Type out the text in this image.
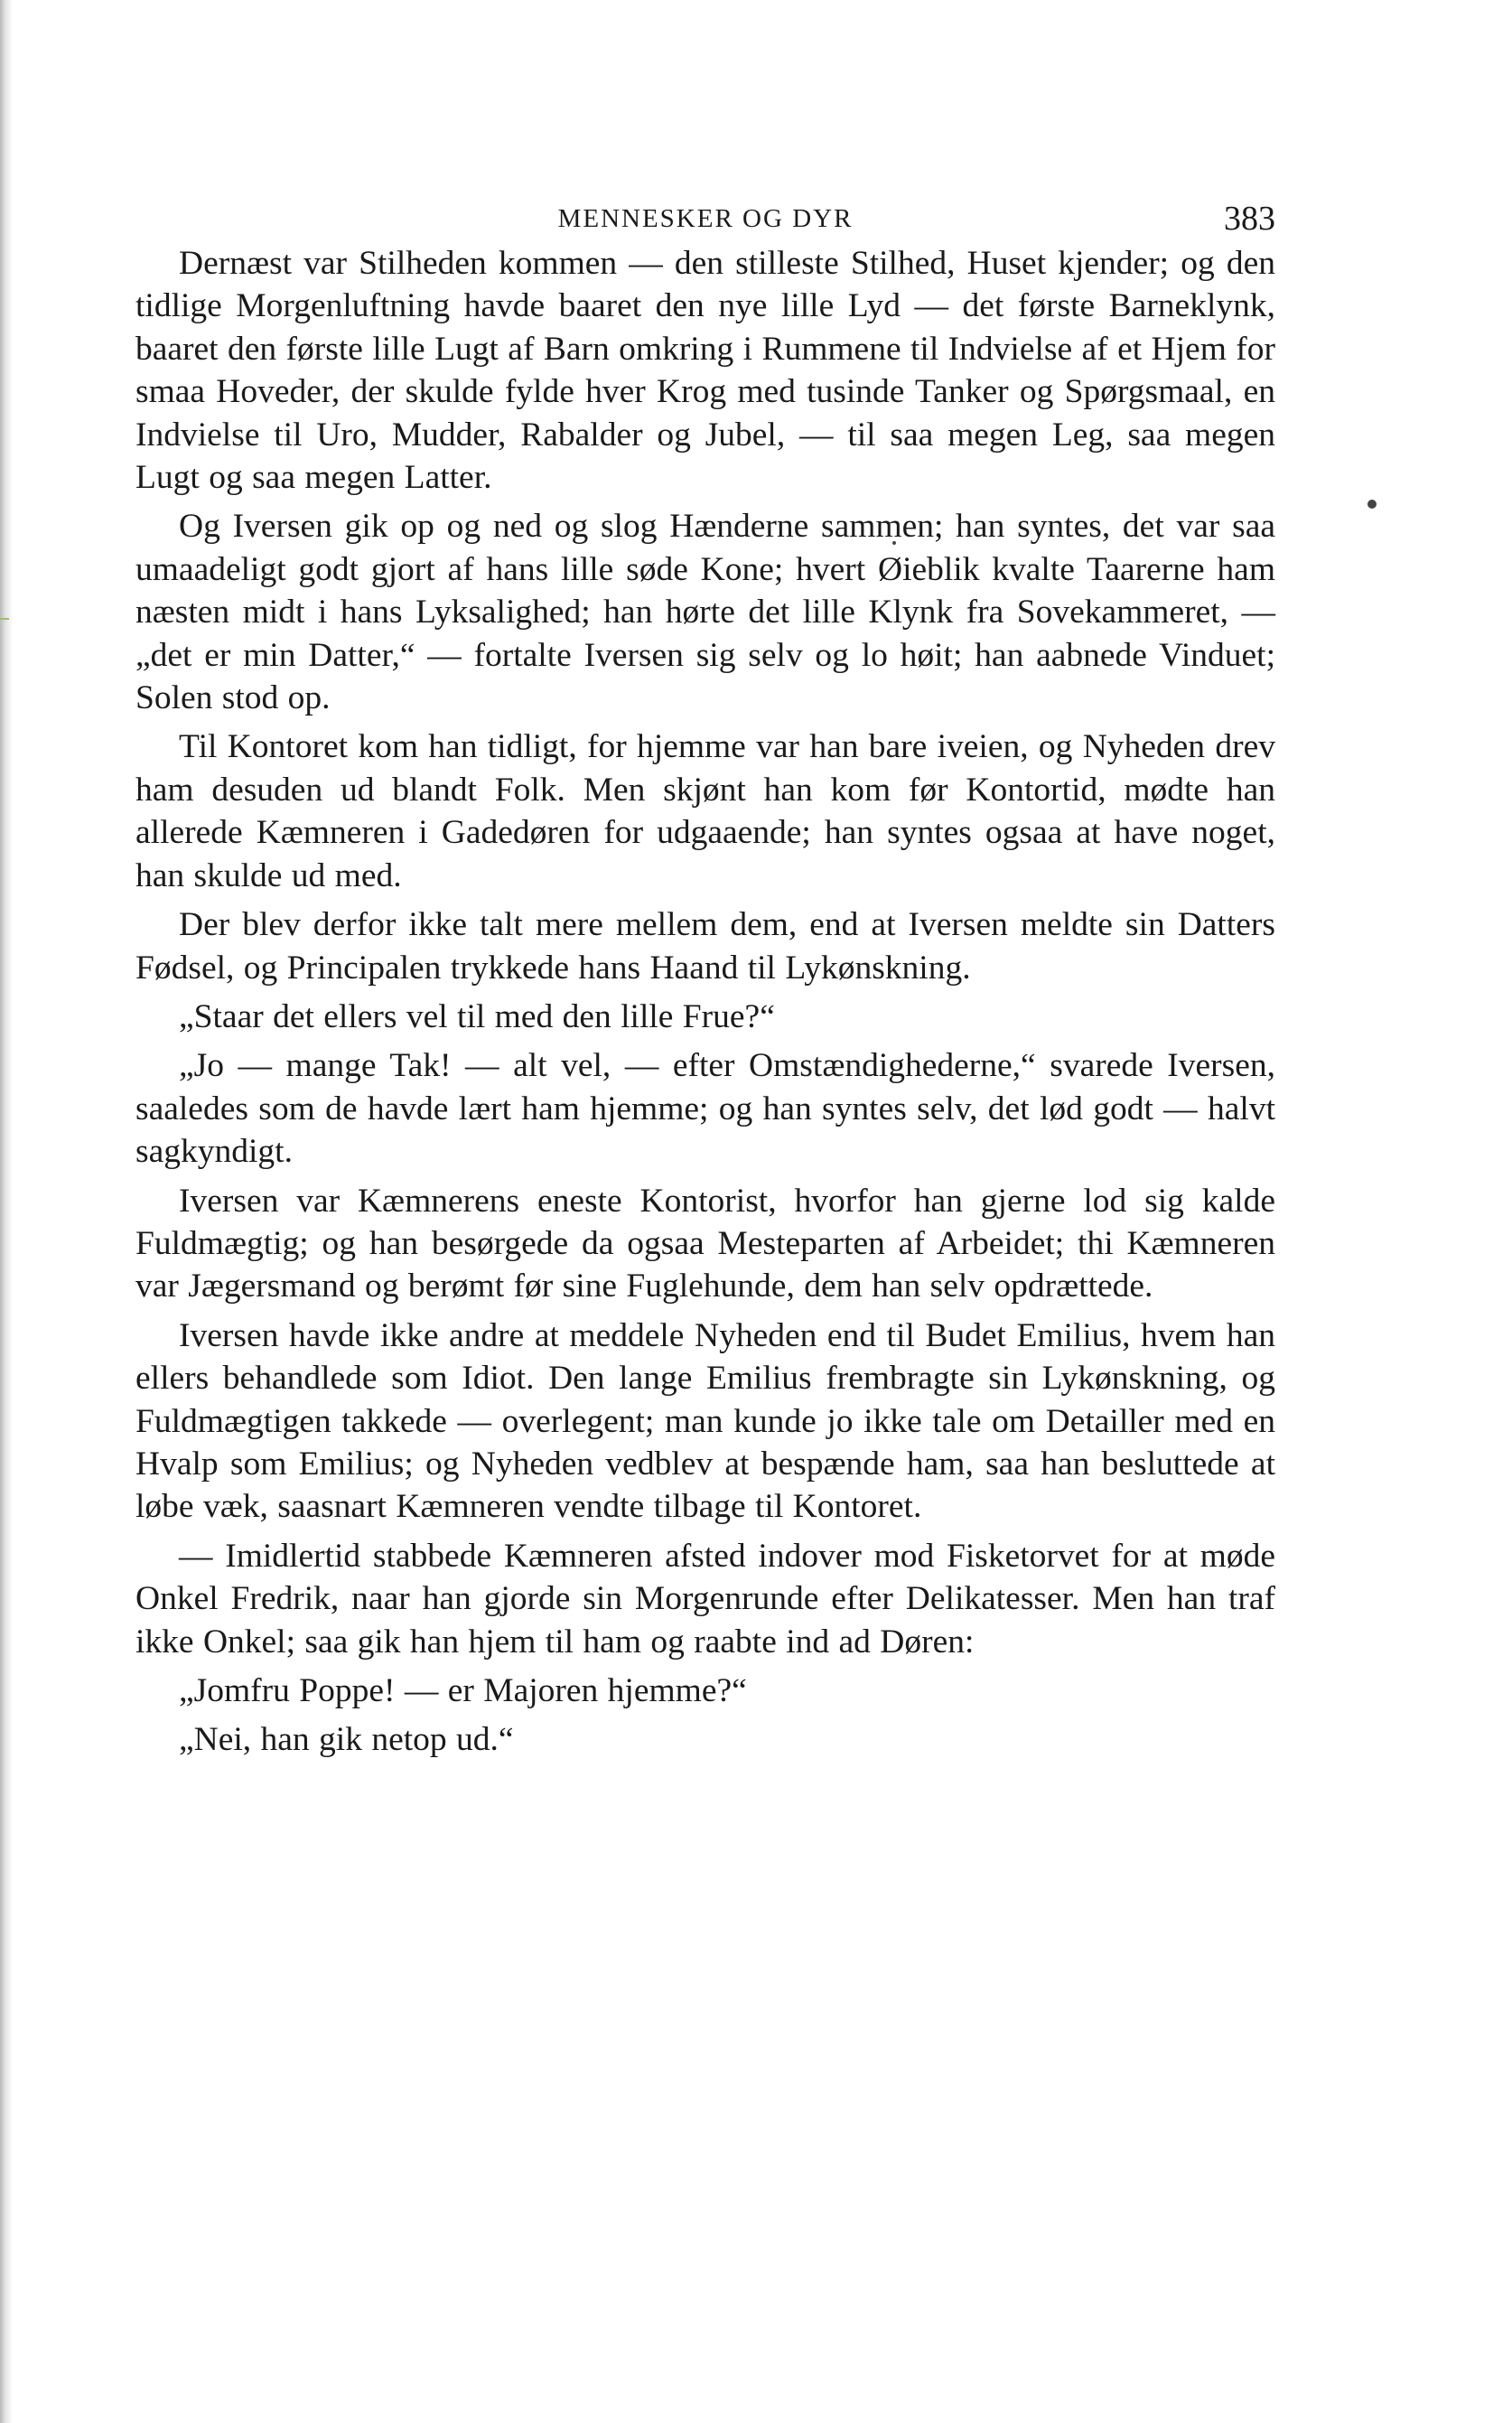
MENNESKER OG DYR	383

Dernæst var Stilheden kommen — den stilleste Stilhed, Huset kjender; og den tidlige Morgenluftning havde baaret den nye lille Lyd — det første Barneklynk, baaret den første lille Lugt af Barn omkring i Rummene til Indvielse af et Hjem for smaa Hoveder, der skulde fylde hver Krog med tusinde Tanker og Spørgsmaal, en Indvielse til Uro, Mudder, Rabalder og Jubel, — til saa megen Leg, saa megen Lugt og saa megen Latter.

Og Iversen gik op og ned og slog Hænderne sammen; han syntes, det var saa umaadeligt godt gjort af hans lille søde Kone; hvert Øieblik kvalte Taarerne ham næsten midt i hans Lyksalighed; han hørte det lille Klynk fra Sovekammeret, — „det er min Datter,“ — fortalte Iversen sig selv og lo høit; han aabnede Vinduet; Solen stod op.

Til Kontoret kom han tidligt, for hjemme var han bare iveien, og Nyheden drev ham desuden ud blandt Folk. Men skjønt han kom før Kontortid, mødte han allerede Kæmneren i Gadedøren for udgaaende; han syntes ogsaa at have noget, han skulde ud med.

Der blev derfor ikke talt mere mellem dem, end at Iversen meldte sin Datters Fødsel, og Principalen trykkede hans Haand til Lykønskning.

„Staar det ellers vel til med den lille Frue?“

„Jo — mange Tak! — alt vel, — efter Omstændighederne,“ svarede Iversen, saaledes som de havde lært ham hjemme; og han syntes selv, det lød godt — halvt sagkyndigt.

Iversen var Kæmnerens eneste Kontorist, hvorfor han gjerne lod sig kalde Fuldmægtig; og han besørgede da ogsaa Mesteparten af Arbeidet; thi Kæmneren var Jægersmand og berømt før sine Fuglehunde, dem han selv opdrættede.

Iversen havde ikke andre at meddele Nyheden end til Budet Emilius, hvem han ellers behandlede som Idiot. Den lange Emilius frembragte sin Lykønskning, og Fuldmægtigen takkede — overlegent; man kunde jo ikke tale om Detailler med en Hvalp som Emilius; og Nyheden vedblev at bespænde ham, saa han besluttede at løbe væk, saasnart Kæmneren vendte tilbage til Kontoret.

— Imidlertid stabbede Kæmneren afsted indover mod Fisketorvet for at møde Onkel Fredrik, naar han gjorde sin Morgenrunde efter Delikatesser. Men han traf ikke Onkel; saa gik han hjem til ham og raabte ind ad Døren:

„Jomfru Poppe! — er Majoren hjemme?“

„Nei, han gik netop ud.“
